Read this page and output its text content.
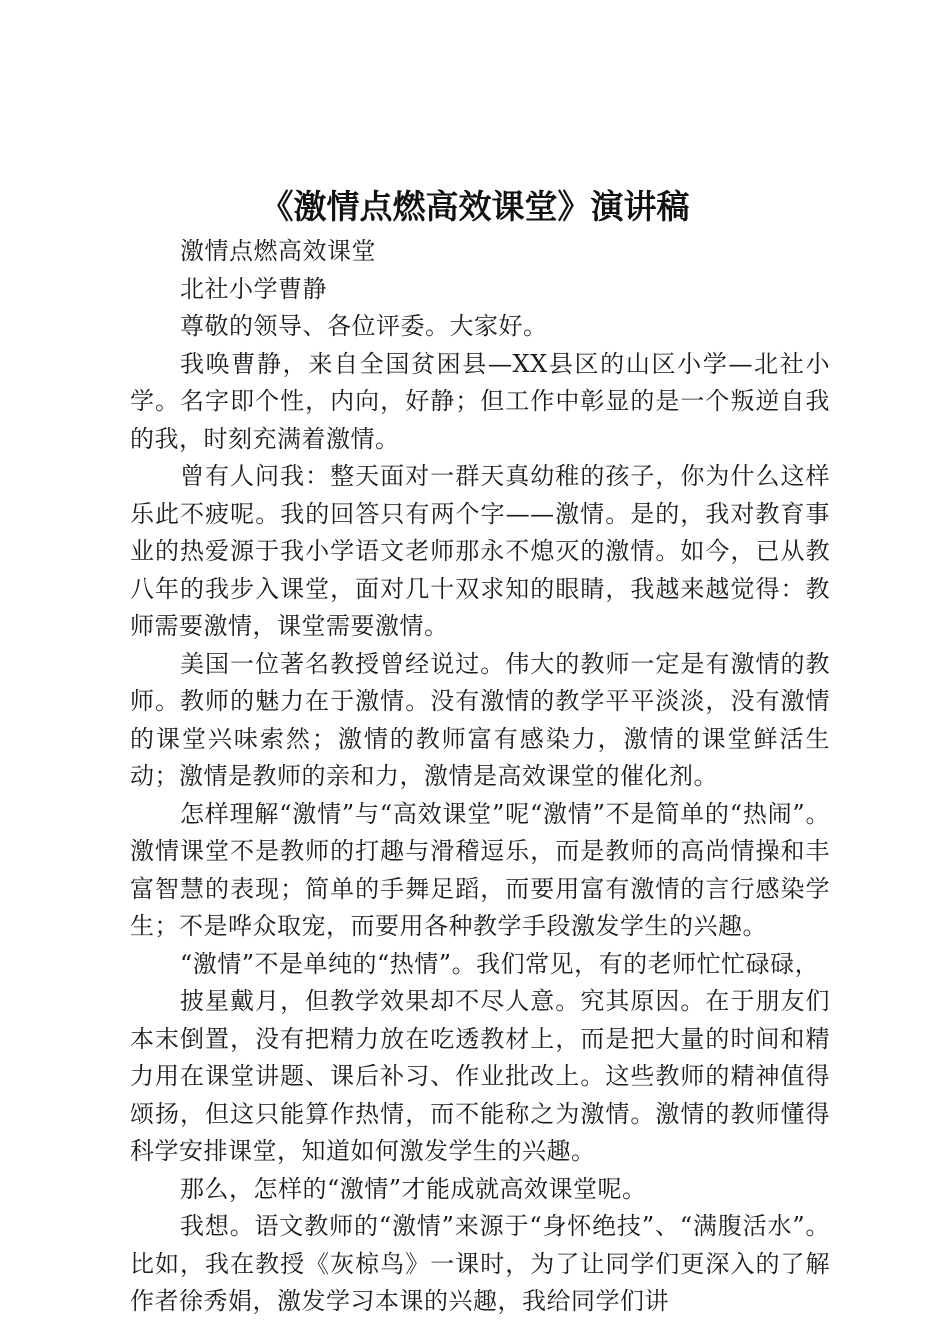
《激情点燃高效课堂》演讲稿

激情点燃高效课堂

北社小学曹静

尊敬的领导、各位评委。大家好。

我唤曹静，来自全国贫困县—XX县区的山区小学—北社小学。名字即个性，内向，好静；但工作中彰显的是一个叛逆自我的我，时刻充满着激情。

曾有人问我：整天面对一群天真幼稚的孩子，你为什么这样乐此不疲呢。我的回答只有两个字——激情。是的，我对教育事业的热爱源于我小学语文老师那永不熄灭的激情。如今，已从教八年的我步入课堂，面对几十双求知的眼睛，我越来越觉得：教师需要激情，课堂需要激情。

美国一位著名教授曾经说过。伟大的教师一定是有激情的教师。教师的魅力在于激情。没有激情的教学平平淡淡，没有激情的课堂兴味索然；激情的教师富有感染力，激情的课堂鲜活生动；激情是教师的亲和力，激情是高效课堂的催化剂。

怎样理解“激情”与“高效课堂”呢“激情”不是简单的“热闹”。激情课堂不是教师的打趣与滑稽逗乐，而是教师的高尚情操和丰富智慧的表现；简单的手舞足蹈，而要用富有激情的言行感染学生；不是哗众取宠，而要用各种教学手段激发学生的兴趣。

“激情”不是单纯的“热情”。我们常见，有的老师忙忙碌碌，

披星戴月，但教学效果却不尽人意。究其原因。在于朋友们本末倒置，没有把精力放在吃透教材上，而是把大量的时间和精力用在课堂讲题、课后补习、作业批改上。这些教师的精神值得颂扬，但这只能算作热情，而不能称之为激情。激情的教师懂得科学安排课堂，知道如何激发学生的兴趣。

那么，怎样的“激情”才能成就高效课堂呢。

我想。语文教师的“激情”来源于“身怀绝技”、“满腹活水”。比如，我在教授《灰椋鸟》一课时，为了让同学们更深入的了解作者徐秀娟，激发学习本课的兴趣，我给同学们讲
